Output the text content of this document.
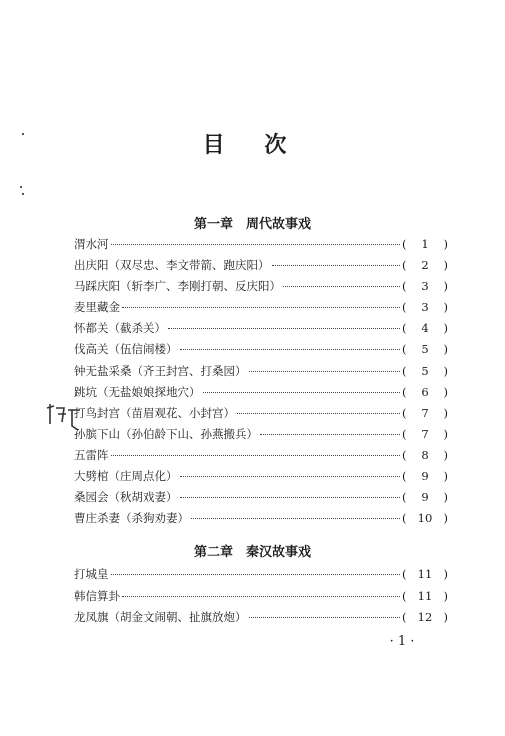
目 次
第一章　周代故事戏
渭水河	(	1	)
出庆阳（双尽忠、李文带箭、跑庆阳）	(	2	)
马踩庆阳（斩李广、李刚打朝、反庆阳）	(	3	)
麦里藏金	(	3	)
怀都关（截杀关）	(	4	)
伐高关（伍信闹楼）	(	5	)
钟无盐采桑（齐王封宫、打桑园）	(	5	)
跳坑（无盐娘娘探地穴）	(	6	)
打鸟封宫（苗眉观花、小封宫）	(	7	)
孙膑下山（孙伯龄下山、孙燕搬兵）	(	7	)
五雷阵	(	8	)
大劈棺（庄周点化）	(	9	)
桑园会（秋胡戏妻）	(	9	)
曹庄杀妻（杀狗劝妻）	( 10 )
第二章　秦汉故事戏
打城皇	( 11 )
韩信算卦	( 11 )
龙凤旗（胡金文闹朝、扯旗放炮）	( 12 )
· 1 ·
